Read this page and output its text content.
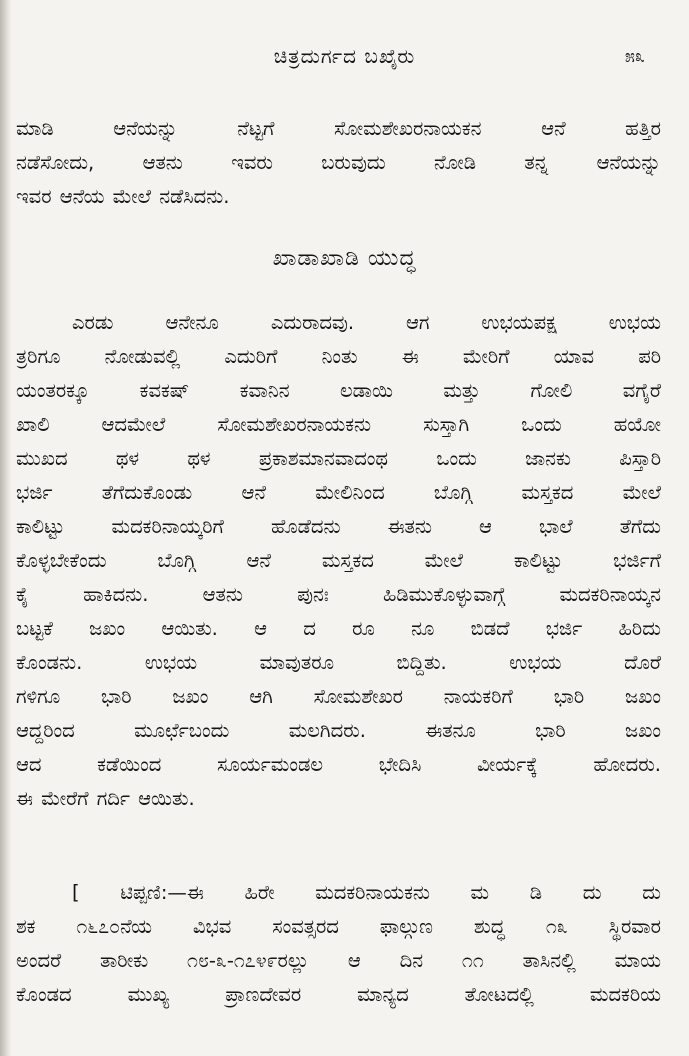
ಚಿತ್ರದುರ್ಗದ ಬಖೈರು	೫೩
ಮಾಡಿ ಆನೆಯನ್ನು ನೆಟ್ಟಗೆ ಸೋಮಶೇಖರನಾಯಕನ ಆನೆ ಹತ್ತಿರ
ನಡೆಸೋದು, ಆತನು ಇವರು ಬರುವುದು ನೋಡಿ ತನ್ನ ಆನೆಯನ್ನು
ಇವರ ಆನೆಯ ಮೇಲೆ ನಡೆಸಿದನು.
ಖಾಡಾಖಾಡಿ ಯುದ್ಧ
ಎರಡು ಆನೇನೂ ಎದುರಾದವು. ಆಗ ಉಭಯಪಕ್ಷ ಉಭಯ
ತ್ರರಿಗೂ ನೋಡುವಲ್ಲಿ ಎದುರಿಗೆ ನಿಂತು ಈ ಮೇರಿಗೆ ಯಾವ ಪರಿ
ಯಂತರಕ್ಕೂ ಕವಕಷ್ ಕವಾನಿನ ಲಡಾಯಿ ಮತ್ತು ಗೋಲಿ ವಗೈರೆ
ಖಾಲಿ ಆದಮೇಲೆ ಸೋಮಶೇಖರನಾಯಕನು ಸುಸ್ತಾಗಿ ಒಂದು ಹಯೋ
ಮುಖದ ಥಳ ಥಳ ಪ್ರಕಾಶಮಾನವಾದಂಥ ಒಂದು ಜಾನಕು ಪಿಸ್ತಾರಿ
ಭರ್ಜಿ ತೆಗೆದುಕೊಂಡು ಆನೆ ಮೇಲಿನಿಂದ ಬೊಗ್ಗಿ ಮಸ್ತಕದ ಮೇಲೆ
ಕಾಲಿಟ್ಟು ಮದಕರಿನಾಯ್ಕರಿಗೆ ಹೊಡೆದನು ಈತನು ಆ ಭಾಲೆ ತೆಗೆದು
ಕೊಳ್ಳಬೇಕೆಂದು ಬೊಗ್ಗಿ ಆನೆ ಮಸ್ತಕದ ಮೇಲೆ ಕಾಲಿಟ್ಟು ಭರ್ಜಿಗೆ
ಕೈ ಹಾಕಿದನು. ಆತನು ಪುನಃ ಹಿಡಿಮುಕೊಳ್ಳುವಾಗ್ಗೆ ಮದಕರಿನಾಯ್ಕನ
ಬಟ್ಟಕೆ ಜಖಂ ಆಯಿತು. ಆ ದ ರೂ ನೂ ಬಿಡದೆ ಭರ್ಜಿ ಹಿರಿದು
ಕೊಂಡನು. ಉಭಯ ಮಾವುತರೂ ಬಿದ್ದಿತು. ಉಭಯ ದೊರೆ
ಗಳಿಗೂ ಭಾರಿ ಜಖಂ ಆಗಿ ಸೋಮಶೇಖರ ನಾಯಕರಿಗೆ ಭಾರಿ ಜಖಂ
ಆದ್ದರಿಂದ ಮೂರ್ಛೆಬಂದು ಮಲಗಿದರು. ಈತನೂ ಭಾರಿ ಜಖಂ
ಆದ ಕಡೆಯಿಂದ ಸೂರ್ಯಮಂಡಲ ಭೇದಿಸಿ ವೀರ್ಯಕ್ಕೆ ಹೋದರು.
ಈ ಮೇರೆಗೆ ಗರ್ದಿ ಆಯಿತು.
[ ಟಿಪ್ಪಣಿ:—ಈ ಹಿರೇ ಮದಕರಿನಾಯಕನು ಮ ಡಿ ದು ದು
ಶಕ ೧೬೭೦ನೆಯ ವಿಭವ ಸಂವತ್ಸರದ ಫಾಲ್ಗುಣ ಶುದ್ಧ ೧೩ ಸ್ಥಿರವಾರ
ಅಂದರೆ ತಾರೀಕು ೧೮-೩-೧೭೪೯ರಲ್ಲು ಆ ದಿನ ೧೧ ತಾಸಿನಲ್ಲಿ ಮಾಯ
ಕೊಂಡದ ಮುಖ್ಯ ಪ್ರಾಣದೇವರ ಮಾನ್ಯದ ತೋಟದಲ್ಲಿ ಮದಕರಿಯ
